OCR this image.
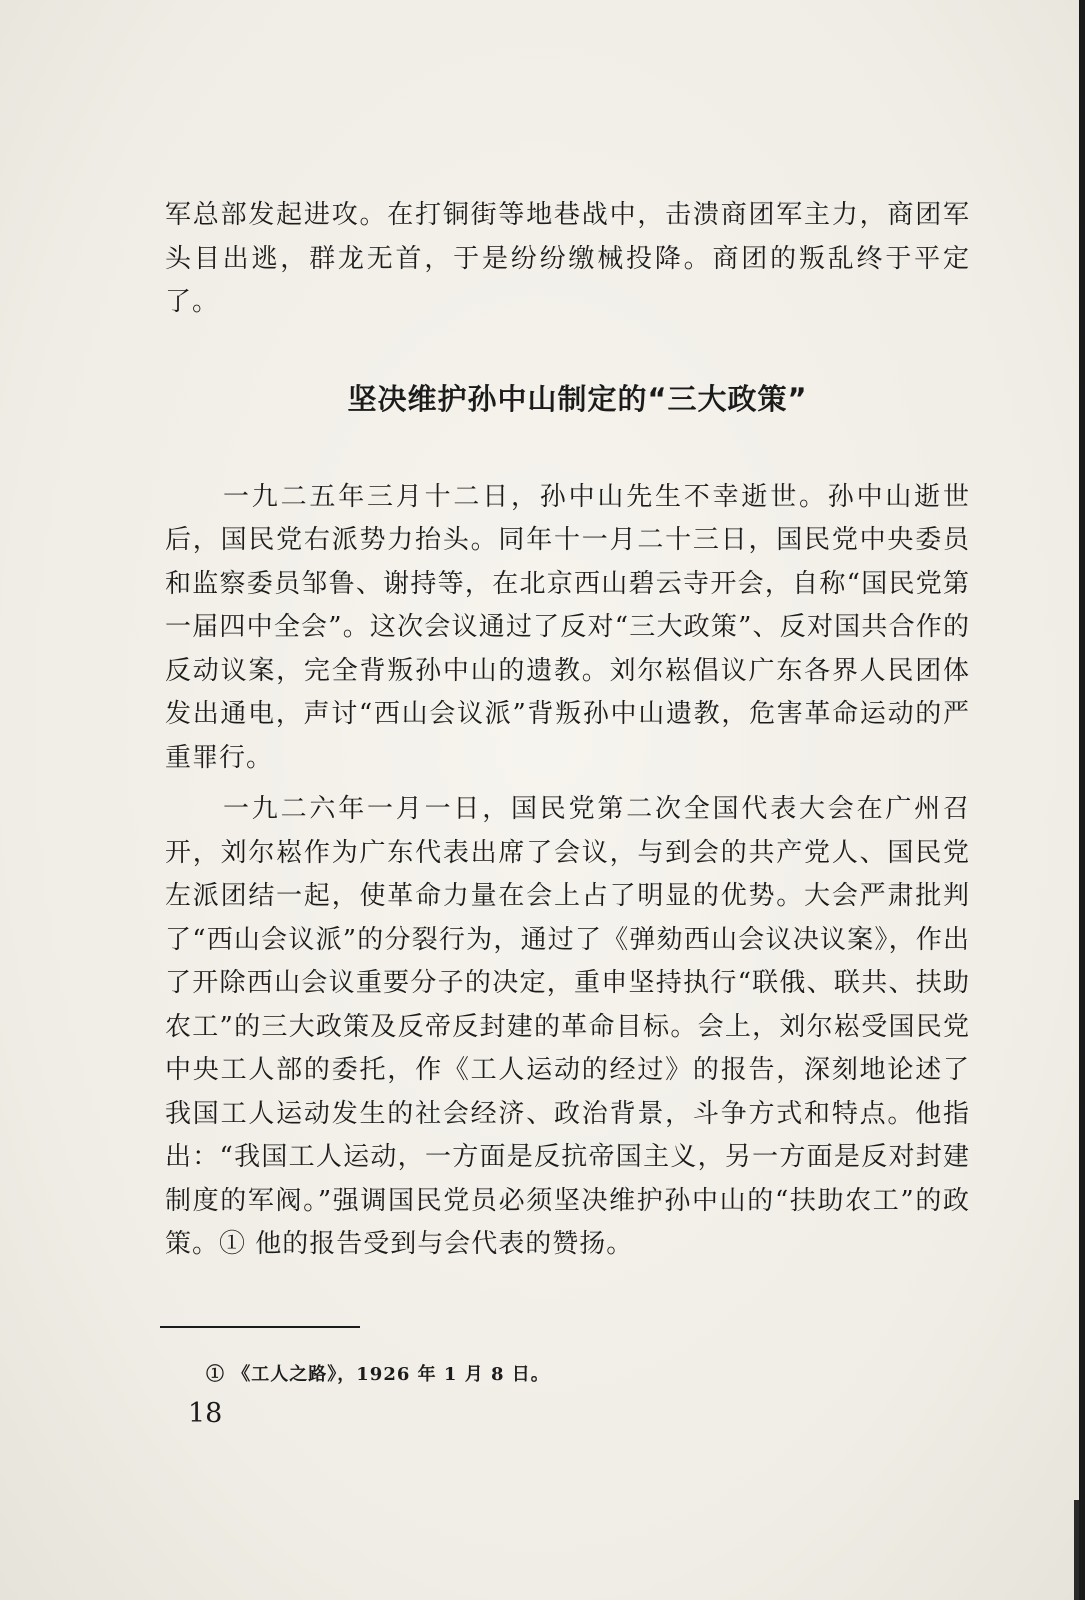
军总部发起进攻。在打铜街等地巷战中，击溃商团军主力，商团军头目出逃，群龙无首，于是纷纷缴械投降。商团的叛乱终于平定了。

坚决维护孙中山制定的“三大政策”

一九二五年三月十二日，孙中山先生不幸逝世。孙中山逝世后，国民党右派势力抬头。同年十一月二十三日，国民党中央委员和监察委员邹鲁、谢持等，在北京西山碧云寺开会，自称“国民党第一届四中全会”。这次会议通过了反对“三大政策”、反对国共合作的反动议案，完全背叛孙中山的遗教。刘尔崧倡议广东各界人民团体发出通电，声讨“西山会议派”背叛孙中山遗教，危害革命运动的严重罪行。

一九二六年一月一日，国民党第二次全国代表大会在广州召开，刘尔崧作为广东代表出席了会议，与到会的共产党人、国民党左派团结一起，使革命力量在会上占了明显的优势。大会严肃批判了“西山会议派”的分裂行为，通过了《弹劾西山会议决议案》，作出了开除西山会议重要分子的决定，重申坚持执行“联俄、联共、扶助农工”的三大政策及反帝反封建的革命目标。会上，刘尔崧受国民党中央工人部的委托，作《工人运动的经过》的报告，深刻地论述了我国工人运动发生的社会经济、政治背景，斗争方式和特点。他指出：“我国工人运动，一方面是反抗帝国主义，另一方面是反对封建制度的军阀。”强调国民党员必须坚决维护孙中山的“扶助农工”的政策。① 他的报告受到与会代表的赞扬。

① 《工人之路》，1926 年 1 月 8 日。
18
